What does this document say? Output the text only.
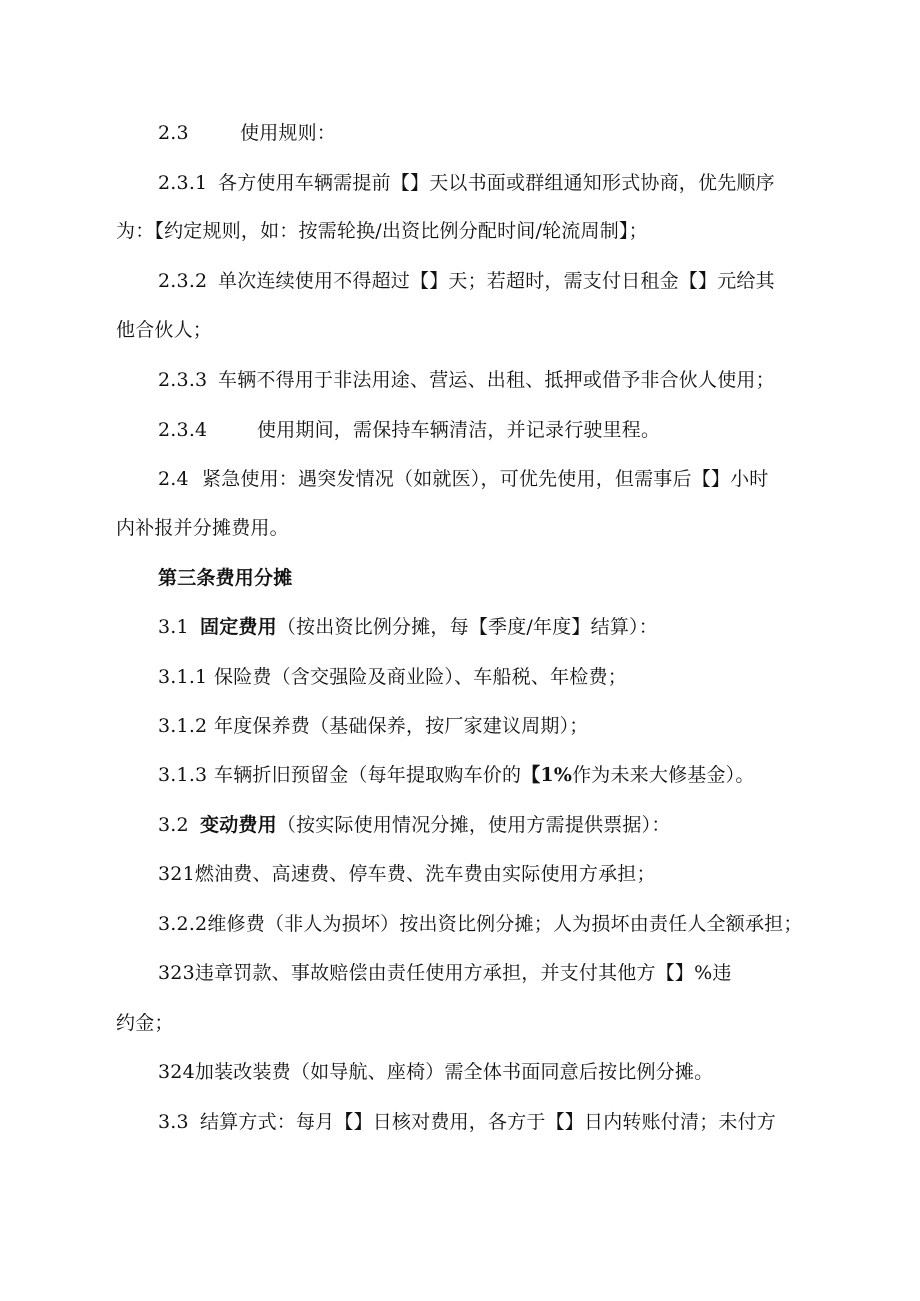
2.3	使用规则：
2.3.1 各方使用车辆需提前【】天以书面或群组通知形式协商，优先顺序
为：【约定规则，如：按需轮换/出资比例分配时间/轮流周制】；
2.3.2 单次连续使用不得超过【】天；若超时，需支付日租金【】元给其
他合伙人；
2.3.3 车辆不得用于非法用途、营运、出租、抵押或借予非合伙人使用；
2.3.4	使用期间，需保持车辆清洁，并记录行驶里程。
2.4 紧急使用：遇突发情况（如就医），可优先使用，但需事后【】小时
内补报并分摊费用。
第三条费用分摊
3.1 固定费用（按出资比例分摊，每【季度/年度】结算）：
3.1.1 保险费（含交强险及商业险）、车船税、年检费；
3.1.2 年度保养费（基础保养，按厂家建议周期）；
3.1.3 车辆折旧预留金（每年提取购车价的【1%作为未来大修基金）。
3.2 变动费用（按实际使用情况分摊，使用方需提供票据）：
321燃油费、高速费、停车费、洗车费由实际使用方承担；
3.2.2维修费（非人为损坏）按出资比例分摊；人为损坏由责任人全额承担；
323违章罚款、事故赔偿由责任使用方承担，并支付其他方【】%违
约金；
324加装改装费（如导航、座椅）需全体书面同意后按比例分摊。
3.3 结算方式：每月【】日核对费用，各方于【】日内转账付清；未付方
